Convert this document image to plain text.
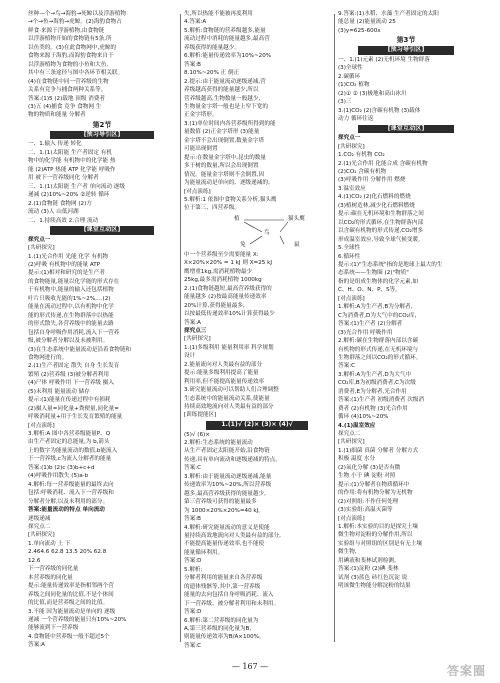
丝种—个→鸟→海豹→死鲸以及浮游植物
→个→鱼→海豹→虎鲸。(2)海豹食物占
鲜食·来源于浮游植物,由食物链
以浮游植物开始的食物链有5条,所
以鱼类的。(3)在此食物网中,虎鲸的
食物来源于海豹,而海豹食物来自于
以浮游植物为食物的小鱼和大鱼,
其中有三条途径与图中各环节相关联。
(4)在食物链中同一营养级的生物
关系有竞争与捕食两种关系等。
答案:(1)5 (2)载地 顶级 消费者
(3)五 (4)捕食 竞争 食物网 生
物的物质和能量 分解者
第2节
[预习导引区]
一、1.输入 传递 转化
二、1.(1)太阳能 生产者固定 有机
物中的化学能 有机物中的化学能 热
能 (2)ATP 热能 ATP 化学能 呼吸作
用 被下一营养级同化 分解者
三、1.(1)太阳能 生产者 单向流动 逐级
递减 (2)10%~20% ②逆转 循环
2.(1)食物链 食物网 (2)方
流动 (3)人 山低河湖
二、1.持续高效 2.合理 流动
[课堂互动区]
探究点一
[共研探究]
1.(1)光合作用 光能 化学 有机物
(2)呼吸 有机物中的能量 ATP
提示:(1)相对和研究的是生产者
的食物能量,能量以化学能的形式存在
于有机物中,能量的输入还包括植物
叶片只吸收光能的1%~2%,…(2)
能量在流动过程中,以有机物中化学
能的形式传递,在生物群落中以热能
的形式散失,各营养级中的能量去路
包括自身呼吸作用消耗,流入下一营养
级,被分解者分解以及未被利用。
(3)在生态系统中能量流动是沿着食物链和
食物网进行的。
2.(1)生产者固定 散失 自身 生长发育
繁殖 (2)营养级 (3)被分解者利用
(4)尸体 呼吸作用 下一营养级 摄入
(5)未利用 能量流动 储存
提示:(1)能量在传递过程中有损耗
(2)摄入量=同化量+粪便量,同化量=
呼吸消耗量+用于生长发育繁殖的能量
[对点演练]
3.解析:A 图中各营养级能量P、Q
由生产者固定的总能量,为 b,箭头
上的数字为能量流动的数值,b能流入
下一营养级,c为流入分解者的能量
答案:(1)b (2)c (3)b+c+d
(4)呼吸作用散失 (5)a-b
4.解析:每一营养级能量的最终去向
包括:呼吸消耗、流入下一营养级和
分解者分解,以及未利用的部分。
答案:能量流动的特点 单向流动
逐级递减
探究点二
[共研探究]
1.单向流动 上 下
2.464.6 62.8 13.5 20% 62.8
12.6
下一营养级的同化量
本营养级的同化量
提示:能量传递效率是指相邻两个营
养级之间同化量的比值,不是个体间
的比值,而是营养级之间的比值。
3.不能 因为能量流动是单向的 逐级
递减 一个营养级的能量只有10%~20%
能够流到下一营养级
4.食物链中营养级一般不超过5个
答案:A
失,所以热能不能被再度利用
4.答案:A
5.解析:食物链的营养级越多,能量
流动过程中消耗的能量越多,最高营
养级获得的能量越少。
6.解析:能量传递效率为10%~20%
答案:B
8.10%~20% 正 倒正
2.提示:由于能量流动逐级递减,营
养级越高获得的能量越少,所以
营养级越高,生物数量一般越少,
生物量金字塔一般也是上窄下宽的
正金字塔形。
3.(1)单位时间内各营养级所得到的能
量数值 (2)正金字塔形 (3)能量
金字塔不会出现倒置,数量金字塔
可能出现倒置
提示:在数量金字塔中,昆虫的数量
多于树的数量,所以会出现倒置
情况。能量金字塔则不会倒置,因
为能量流动是单向的、逐级递减的。
[对点演练]
5.解析:1 依图中食物关系分析,猫头鹰
位于第三、四营养级。
植	猫头鹰
鸟
鼠
兔
中一个营养级至少需要能量 X:
X×20%×20% = 1 kJ 则 X=25 kJ
鹰增重1kg,需消耗植物最少
25kg,最多需消耗植物 1000kg
2.(1)食物链越短,最高营养级获得的
能量越多 (2)按最高能量传递效率
20%计算,获得能量最多,
以按最低传递效率10%计算获得最少
答案:A
探究点三
[共研探究]
1.(1)多级利用 能量利用率 科学规划
设计
2.能量流向对人类最有益的部分
提示:能量多级利用提高了能量
利用率,但不能提高能量传递效率
3.研究能量流动可以帮助人们合理调整
生态系统中的能量流动关系,使能量
持续高效地流向对人类最有益的部分
[训练提能区]
1.(1)√ (2)× (3)× (4)√
(5)√ (6)×
2.解析:生态系统的能量流动
从生产者固定太阳能开始,沿食物链
传递,具有单向流动和逐级递减的特点。
答案:C
3.解析:由于能量流动逐级递减,能量
传递效率为10%~20%,所以营养级
越多,最高营养级获得的能量越少,
第三营养级可获得的能量最多
为 1000×20%×20%=40 kJ。
答案:B
4.解析:研究能量流动的意义是使能
量持续高效地流向对人类最有益的部分,
不能提高能量传递效率,也不能使
能量循环利用。
答案:D
5.解析:
分解者利用的能量来自各营养级
的遗体残骸等,其中,第一营养级
能量的去向包括自身呼吸消耗、流入
下一营养级、被分解者利用和未利用。
答案:D
6.解析:第二营养级的同化量为
A,第三营养级的同化量为B,
则能量传递效率为B/A×100%。
答案:C
9.答案:(1)水稻、水藻 生产者固定的太阳
能总量 (2)能量流动 25
(3)y=625-600x
第3节
[预习导引区]
一、1.(1)元素 (2)无机环境 生物群落
(3)全球性
2.碳循环
(1)CO₂ 植物
(2)① ② (3)极地和高山冰川
(3)三
3.(1)CO₂ (2)含碳有机物 (3)载体
动力 循环往返
[课堂互动区]
探究点一
[共研探究]
1.CO₂ 有机物 CO₂
2.(1)光合作用 化能合成 含碳有机物
(2)CO₂ 含碳有机物
(3)呼吸作用 分解作用 燃烧
3.温室效应
4.(1)CO₂ (2)化石燃料的燃烧
(3)植树造林,减少化石燃料燃烧
提示:碳在无机环境和生物群落之间
以CO₂的形式循环,在生物群落内部
以含碳有机物的形式传递,CO₂增多
形成温室效应,导致全球气候变暖。
5.全球性
6.循环性
提示:(1)"生态系统"指的是地球上最大的生
态系统——生物圈 (2)"物质"
指的是组成生物体的化学元素,如
C、H、O、N、P、S等。
[对点演练]
1.解析:A为生产者,B为分解者,
C为消费者,D为大气中的CO₂库,
答案:(1)生产者 (2)分解者
(3)光合作用 呼吸作用
2.解析:碳在生物群落内部以含碳
有机物的形式传递,在无机环境与
生物群落之间以CO₂的形式循环。
答案:C
3.解析:A为生产者,D为大气中
CO₂库,B为初级消费者,C为次级
消费者,E为分解者,光合作用
答案:(1)生产者 初级消费者 次级消
费者 (2)有机物 (3)光合作用
循环 (4)10%~20%
4.(1)温室效应
探究点二
[共研探究]
1.(1)细菌 真菌 分解者 分解方式
积极 温度 水分
(2)氧化分解 (3)是否有微
生物 小于 碘 淀粉 对照
提示:(1)分解者在物质循环中
的作用:将有机物分解为无机物
(2)对照组:不作任何处理
(3)实验组:高温灭菌等
[对点演练]
1.解析:本实验的目的是探究土壤
微生物对淀粉的分解作用,所以
实验组与对照组的区别是有无土壤
微生物,
用碘液和斐林试剂检测。
答案:(1)淀粉 (2)碘 斐林
试剂 (3)蓝色 砖红色沉淀 说
明该微生物能分解淀粉的结果
— 167 —	答案圈
